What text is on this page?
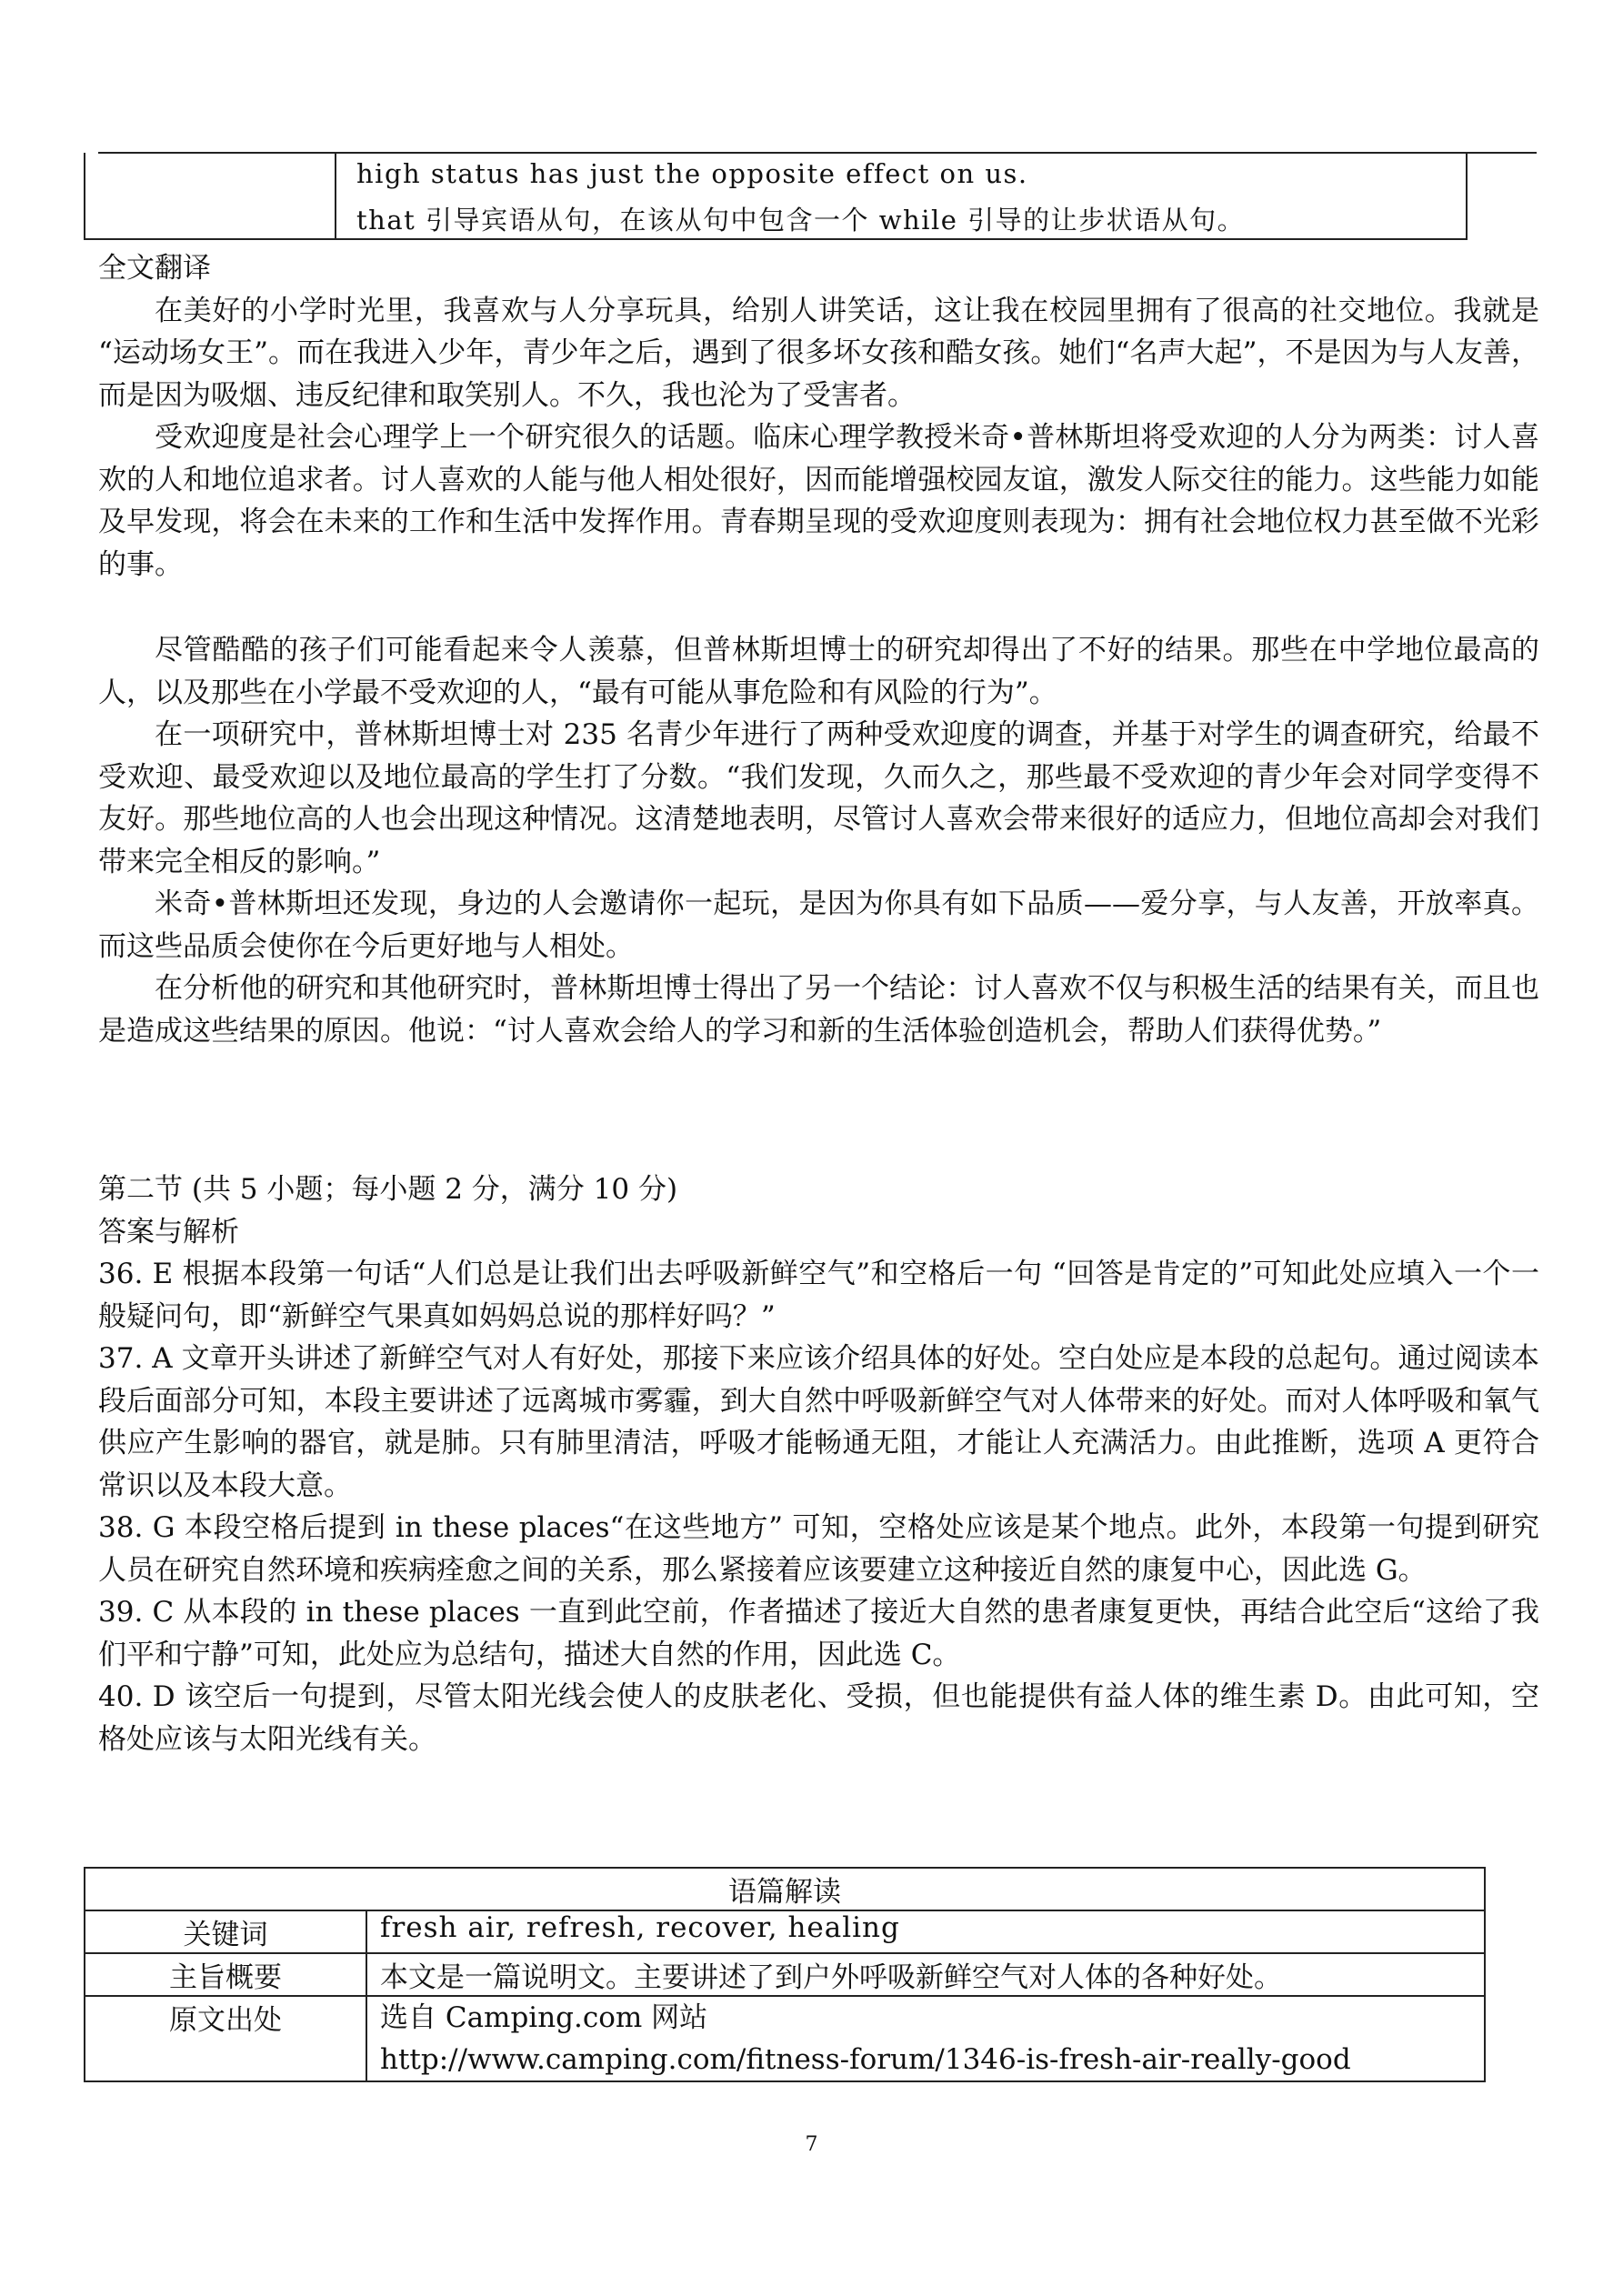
high status has just the opposite effect on us.
that 引导宾语从句，在该从句中包含一个 while 引导的让步状语从句。

全文翻译

在美好的小学时光里，我喜欢与人分享玩具，给别人讲笑话，这让我在校园里拥有了很高的社交地位。我就是 “运动场女王”。而在我进入少年，青少年之后，遇到了很多坏女孩和酷女孩。她们“名声大起”，不是因为与人友善，而是因为吸烟、违反纪律和取笑别人。不久，我也沦为了受害者。

受欢迎度是社会心理学上一个研究很久的话题。临床心理学教授米奇•普林斯坦将受欢迎的人分为两类：讨人喜欢的人和地位追求者。讨人喜欢的人能与他人相处很好，因而能增强校园友谊，激发人际交往的能力。这些能力如能及早发现，将会在未来的工作和生活中发挥作用。青春期呈现的受欢迎度则表现为：拥有社会地位权力甚至做不光彩的事。

尽管酷酷的孩子们可能看起来令人羡慕，但普林斯坦博士的研究却得出了不好的结果。那些在中学地位最高的人，以及那些在小学最不受欢迎的人，“最有可能从事危险和有风险的行为”。

在一项研究中，普林斯坦博士对 235 名青少年进行了两种受欢迎度的调查，并基于对学生的调查研究，给最不受欢迎、最受欢迎以及地位最高的学生打了分数。“我们发现，久而久之，那些最不受欢迎的青少年会对同学变得不友好。那些地位高的人也会出现这种情况。这清楚地表明，尽管讨人喜欢会带来很好的适应力，但地位高却会对我们带来完全相反的影响。”

米奇•普林斯坦还发现，身边的人会邀请你一起玩，是因为你具有如下品质——爱分享，与人友善，开放率真。而这些品质会使你在今后更好地与人相处。

在分析他的研究和其他研究时，普林斯坦博士得出了另一个结论：讨人喜欢不仅与积极生活的结果有关，而且也是造成这些结果的原因。他说：“讨人喜欢会给人的学习和新的生活体验创造机会，帮助人们获得优势。”

第二节 (共 5 小题；每小题 2 分，满分 10 分)

答案与解析

36. E 根据本段第一句话“人们总是让我们出去呼吸新鲜空气”和空格后一句 “回答是肯定的”可知此处应填入一个一般疑问句，即“新鲜空气果真如妈妈总说的那样好吗？”

37. A 文章开头讲述了新鲜空气对人有好处，那接下来应该介绍具体的好处。空白处应是本段的总起句。通过阅读本段后面部分可知，本段主要讲述了远离城市雾霾，到大自然中呼吸新鲜空气对人体带来的好处。而对人体呼吸和氧气供应产生影响的器官，就是肺。只有肺里清洁，呼吸才能畅通无阻，才能让人充满活力。由此推断，选项 A 更符合常识以及本段大意。

38. G 本段空格后提到 in these places“在这些地方” 可知，空格处应该是某个地点。此外，本段第一句提到研究人员在研究自然环境和疾病痊愈之间的关系，那么紧接着应该要建立这种接近自然的康复中心，因此选 G。

39. C 从本段的 in these places 一直到此空前，作者描述了接近大自然的患者康复更快，再结合此空后“这给了我们平和宁静”可知，此处应为总结句，描述大自然的作用，因此选 C。

40. D 该空后一句提到，尽管太阳光线会使人的皮肤老化、受损，但也能提供有益人体的维生素 D。由此可知，空格处应该与太阳光线有关。

语篇解读	
关键词	fresh air, refresh, recover, healing
主旨概要	本文是一篇说明文。主要讲述了到户外呼吸新鲜空气对人体的各种好处。
原文出处	选自 Camping.com 网站
http://www.camping.com/fitness-forum/1346-is-fresh-air-really-good
7
